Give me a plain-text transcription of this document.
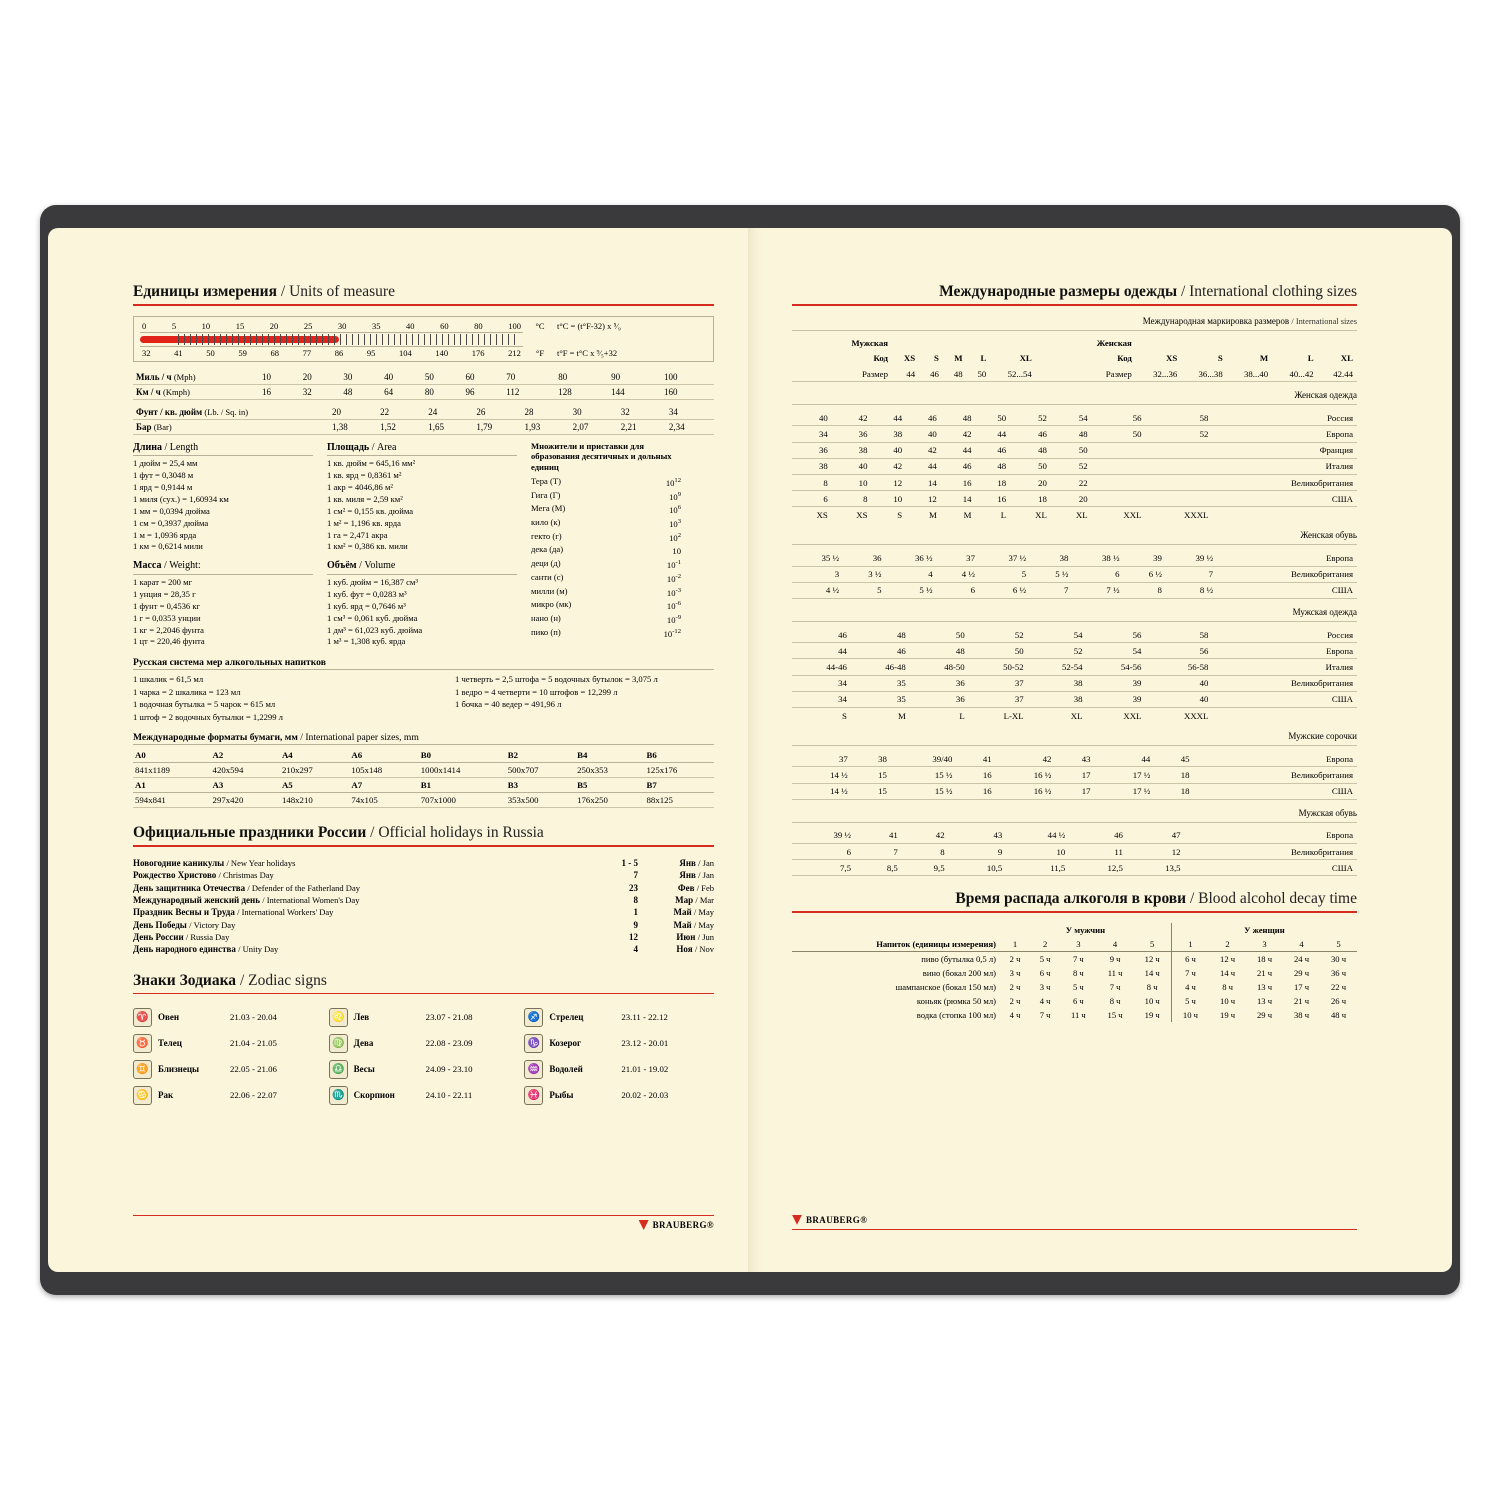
Единицы измерения / Units of measure
0	5	10	15	20	25	30	35	40	60	80	100	°C	t°C = (t°F-32) х ⁵∕₉
32	41	50	59	68	77	86	95	104	140	176	212	°F	t°F = t°C х ⁹∕₅+32
Миль / ч (Mph)	10	20	30	40	50	60	70	80	90	100
Км / ч (Kmph)	16	32	48	64	80	96	112	128	144	160
Фунт / кв. дюйм (Lb. / Sq. in)	20	22	24	26	28	30	32	34
Бар (Bar)	1,38	1,52	1,65	1,79	1,93	2,07	2,21	2,34
Длина / Length
1 дюйм = 25,4 мм
1 фут = 0,3048 м
1 ярд = 0,9144 м
1 миля (сух.) = 1,60934 км
1 мм = 0,0394 дюйма
1 см = 0,3937 дюйма
1 м = 1,0936 ярда
1 км = 0,6214 мили
Масса / Weight:
1 карат = 200 мг
1 унция = 28,35 г
1 фунт = 0,4536 кг
1 г = 0,0353 унции
1 кг = 2,2046 фунта
1 цт = 220,46 фунта
Площадь / Area
1 кв. дюйм = 645,16 мм²
1 кв. ярд = 0,8361 м²
1 акр = 4046,86 м²
1 кв. миля = 2,59 км²
1 см² = 0,155 кв. дюйма
1 м² = 1,196 кв. ярда
1 га = 2,471 акра
1 км² = 0,386 кв. мили
Объём / Volume
1 куб. дюйм = 16,387 см³
1 куб. фут = 0,0283 м³
1 куб. ярд = 0,7646 м³
1 см³ = 0,061 куб. дюйма
1 дм³ = 61,023 куб. дюйма
1 м³ = 1,308 куб. ярда
Множители и приставки для образования десятичных и дольных единиц
Тера (Т)	$10^{12}$
Гига (Г)	$10^9$
Мега (М)	$10^6$
кило (к)	$10^3$
гекто (г)	$10^2$
дека (да)	10
деци (д)	$10^{-1}$
санти (с)	$10^{-2}$
милли (м)	$10^{-3}$
микро (мк)	$10^{-6}$
нано (н)	$10^{-9}$
пико (п)	$10^{-12}$
Русская система мер алкогольных напитков
1 шкалик = 61,5 мл
1 чарка = 2 шкалика = 123 мл
1 водочная бутылка = 5 чарок = 615 мл
1 штоф = 2 водочных бутылки = 1,2299 л
1 четверть = 2,5 штофа = 5 водочных бутылок = 3,075 л
1 ведро = 4 четверти = 10 штофов = 12,299 л
1 бочка = 40 ведер = 491,96 л
Международные форматы бумаги, мм / International paper sizes, mm
A0	A2	A4	A6	B0	B2	B4	B6
841x1189	420x594	210x297	105x148	1000x1414	500x707	250x353	125x176
A1	A3	A5	A7	B1	B3	B5	B7
594x841	297x420	148x210	74x105	707x1000	353x500	176x250	88x125
Официальные праздники России / Official holidays in Russia
Новогодние каникулы / New Year holidays	1 - 5	Янв / Jan
Рождество Христово / Christmas Day	7	Янв / Jan
День защитника Отечества / Defender of the Fatherland Day	23	Фев / Feb
Международный женский день / International Women's Day	8	Мар / Mar
Праздник Весны и Труда / International Workers' Day	1	Май / May
День Победы / Victory Day	9	Май / May
День России / Russia Day	12	Июн / Jun
День народного единства / Unity Day	4	Ноя / Nov
Знаки Зодиака / Zodiac signs
♈	Овен	21.03 - 20.04
♉	Телец	21.04 - 21.05
♊	Близнецы	22.05 - 21.06
♋	Рак	22.06 - 22.07
♌	Лев	23.07 - 21.08
♍	Дева	22.08 - 23.09
♎	Весы	24.09 - 23.10
♏	Скорпион	24.10 - 22.11
♐	Стрелец	23.11 - 22.12
♑	Козерог	23.12 - 20.01
♒	Водолей	21.01 - 19.02
♓	Рыбы	20.02 - 20.03
BRAUBERG®
Международные размеры одежды / International clothing sizes
Международная маркировка размеров / International sizes
Мужская						Женская					
Код	XS	S	M	L	XL	Код	XS	S	M	L	XL
Размер	44	46	48	50	52...54	Размер	32...36	36...38	38...40	40...42	42.44
Женская одежда
40	42	44	46	48	50	52	54	56	58	Россия
34	36	38	40	42	44	46	48	50	52	Европа
36	38	40	42	44	46	48	50			Франция
38	40	42	44	46	48	50	52			Италия
8	10	12	14	16	18	20	22			Великобритания
6	8	10	12	14	16	18	20			США
XS	XS	S	M	M	L	XL	XL	XXL	XXXL	
Женская обувь
35 ½	36	36 ½	37	37 ½	38	38 ½	39	39 ½	Европа
3	3 ½	4	4 ½	5	5 ½	6	6 ½	7	Великобритания
4 ½	5	5 ½	6	6 ½	7	7 ½	8	8 ½	США
Мужская одежда
46	48	50	52	54	56	58	Россия
44	46	48	50	52	54	56	Европа
44-46	46-48	48-50	50-52	52-54	54-56	56-58	Италия
34	35	36	37	38	39	40	Великобритания
34	35	36	37	38	39	40	США
S	M	L	L-XL	XL	XXL	XXXL	
Мужские сорочки
37	38	39/40	41	42	43	44	45	Европа
14 ½	15	15 ½	16	16 ½	17	17 ½	18	Великобритания
14 ½	15	15 ½	16	16 ½	17	17 ½	18	США
Мужская обувь
39 ½	41	42	43	44 ½	46	47	Европа
6	7	8	9	10	11	12	Великобритания
7,5	8,5	9,5	10,5	11,5	12,5	13,5	США
Время распада алкоголя в крови / Blood alcohol decay time
	У мужчин					У женщин				
Напиток (единицы измерения)	1	2	3	4	5	1	2	3	4	5
пиво (бутылка 0,5 л)	2 ч	5 ч	7 ч	9 ч	12 ч	6 ч	12 ч	18 ч	24 ч	30 ч
вино (бокал 200 мл)	3 ч	6 ч	8 ч	11 ч	14 ч	7 ч	14 ч	21 ч	29 ч	36 ч
шампанское (бокал 150 мл)	2 ч	3 ч	5 ч	7 ч	8 ч	4 ч	8 ч	13 ч	17 ч	22 ч
коньяк (рюмка 50 мл)	2 ч	4 ч	6 ч	8 ч	10 ч	5 ч	10 ч	13 ч	21 ч	26 ч
водка (стопка 100 мл)	4 ч	7 ч	11 ч	15 ч	19 ч	10 ч	19 ч	29 ч	38 ч	48 ч
BRAUBERG®
